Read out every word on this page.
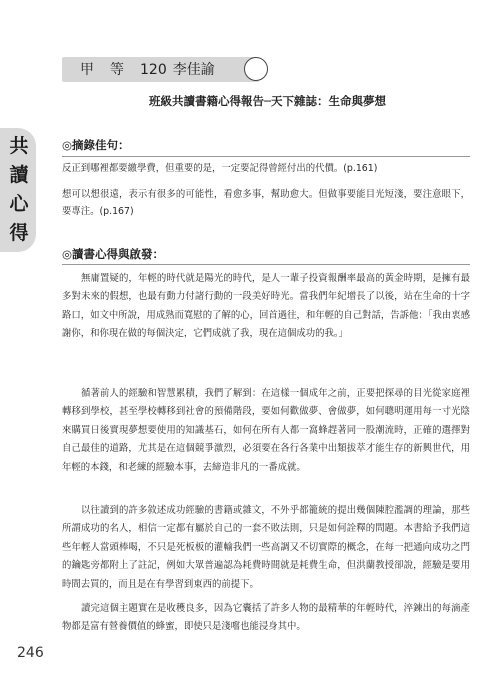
共讀心得
甲 等 120 李佳諭
班級共讀書籍心得報告─天下雜誌：生命與夢想
◎摘錄佳句：
反正到哪裡都要繳學費，但重要的是，一定要記得曾經付出的代價。(p.161)
想可以想很遠，表示有很多的可能性，看愈多事，幫助愈大。但做事要能目光短淺，要注意眼下，要專注。(p.167)
◎讀書心得與啟發：
無庸置疑的，年輕的時代就是陽光的時代，是人一輩子投資報酬率最高的黃金時期，是擁有最多對未來的假想，也最有動力付諸行動的一段美好時光。當我們年紀增長了以後，站在生命的十字路口，如文中所說，用成熟而寬慰的了解的心，回首過往，和年輕的自己對話，告訴他：「我由衷感謝你，和你現在做的每個決定，它們成就了我，現在這個成功的我。」
循著前人的經驗和智慧累積，我們了解到：在這樣一個成年之前，正要把探尋的目光從家庭裡轉移到學校，甚至學校轉移到社會的預備階段，要如何歡做夢、會做夢，如何聰明運用每一寸光陰來購買日後實現夢想要使用的知識基石，如何在所有人都一窩蜂趕著同一股潮流時，正確的選擇對自己最佳的道路，尤其是在這個競爭激烈，必須要在各行各業中出類拔萃才能生存的新興世代，用年輕的本錢，和老練的經驗本事，去締造非凡的一番成就。
以往讀到的許多敘述成功經驗的書籍或雜文，不外乎都籠統的提出幾個陳腔濫調的理論，那些所謂成功的名人，相信一定都有屬於自己的一套不敗法則，只是如何詮釋的問題。本書給予我們這些年輕人當頭棒喝，不只是死板板的灌輸我們一些高調又不切實際的概念，在每一把通向成功之門的鑰匙旁都附上了註記，例如大眾普遍認為耗費時間就是耗費生命，但洪蘭教授卻說，經驗是要用時間去買的，而且是在有學習到東西的前提下。
讀完這個主題實在是收穫良多，因為它囊括了許多人物的最精華的年輕時代，淬鍊出的每滴產物都是富有營養價值的蜂蜜，即使只是淺嚐也能浸身其中。
246
